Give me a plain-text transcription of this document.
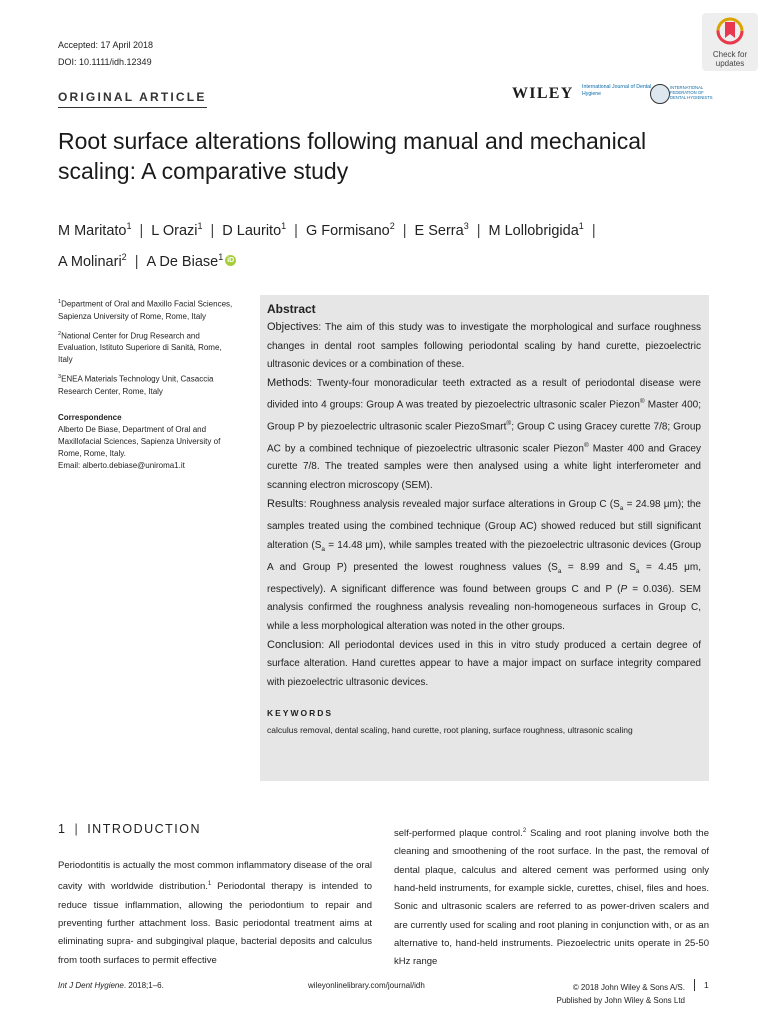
Accepted: 17 April 2018
DOI: 10.1111/idh.12349
ORIGINAL ARTICLE
Check for
updates
WILEY International Journal of Dental Hygiene
INTERNATIONAL FEDERATION OF DENTAL HYGIENISTS
Root surface alterations following manual and mechanical scaling: A comparative study
M Maritato$^1$ | L Orazi$^1$ | D Laurito$^1$ | G Formisano$^2$ | E Serra$^3$ | M Lollobrigida$^1$ |
A Molinari$^2$ | A De Biase$^1$ iD
$^1$Department of Oral and Maxillo Facial Sciences, Sapienza University of Rome, Rome, Italy
$^2$National Center for Drug Research and Evaluation, Istituto Superiore di Sanità, Rome, Italy
$^3$ENEA Materials Technology Unit, Casaccia Research Center, Rome, Italy
Correspondence
Alberto De Biase, Department of Oral and Maxillofacial Sciences, Sapienza University of Rome, Rome, Italy.
Email: alberto.debiase@uniroma1.it
Abstract
Objectives: The aim of this study was to investigate the morphological and surface roughness changes in dental root samples following periodontal scaling by hand curette, piezoelectric ultrasonic devices or a combination of these.
Methods: Twenty-four monoradicular teeth extracted as a result of periodontal disease were divided into 4 groups: Group A was treated by piezoelectric ultrasonic scaler Piezon® Master 400; Group P by piezoelectric ultrasonic scaler PiezoSmart®; Group C using Gracey curette 7/8; Group AC by a combined technique of piezoelectric ultrasonic scaler Piezon® Master 400 and Gracey curette 7/8. The treated samples were then analysed using a white light interferometer and scanning electron microscopy (SEM).
Results: Roughness analysis revealed major surface alterations in Group C ($S_a = 24.98$ μm); the samples treated using the combined technique (Group AC) showed reduced but still significant alteration ($S_a = 14.48$ μm), while samples treated with the piezoelectric ultrasonic devices (Group A and Group P) presented the lowest roughness values ($S_a = 8.99$ and $S_a = 4.45$ μm, respectively). A significant difference was found between groups C and P (P = 0.036). SEM analysis confirmed the roughness analysis revealing non-homogeneous surfaces in Group C, while a less morphological alteration was noted in the other groups.
Conclusion: All periodontal devices used in this in vitro study produced a certain degree of surface alteration. Hand curettes appear to have a major impact on surface integrity compared with piezoelectric ultrasonic devices.
KEYWORDS
calculus removal, dental scaling, hand curette, root planing, surface roughness, ultrasonic scaling
1 | INTRODUCTION
Periodontitis is actually the most common inflammatory disease of the oral cavity with worldwide distribution.$^1$ Periodontal therapy is intended to reduce tissue inflammation, allowing the periodontium to repair and preventing further attachment loss. Basic periodontal treatment aims at eliminating supra- and subgingival plaque, bacterial deposits and calculus from tooth surfaces to permit effective
self-performed plaque control.$^2$ Scaling and root planing involve both the cleaning and smoothening of the root surface. In the past, the removal of dental plaque, calculus and altered cement was performed using only hand-held instruments, for example sickle, curettes, chisel, files and hoes. Sonic and ultrasonic scalers are referred to as power-driven scalers and are currently used for scaling and root planing in conjunction with, or as an alternative to, hand-held instruments. Piezoelectric units operate in 25-50 kHz range
Int J Dent Hygiene. 2018;1–6.	wileyonlinelibrary.com/journal/idh	© 2018 John Wiley & Sons A/S.
Published by John Wiley & Sons Ltd
1
